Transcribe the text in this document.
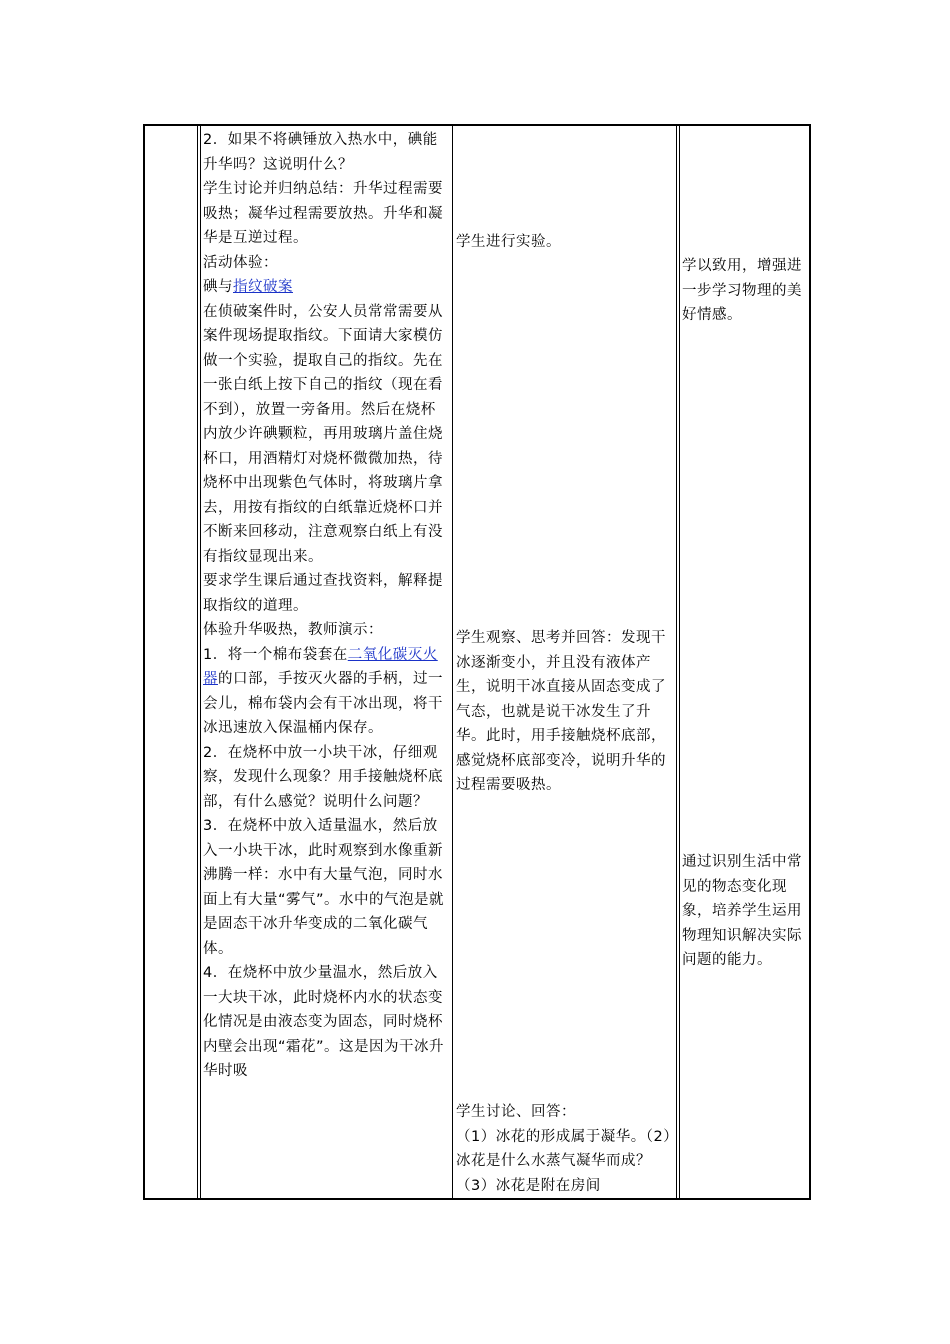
2．如果不将碘锤放入热水中，碘能升华吗？这说明什么？

学生讨论并归纳总结：升华过程需要吸热；凝华过程需要放热。升华和凝华是互逆过程。

活动体验：

碘与指纹破案

在侦破案件时，公安人员常常需要从案件现场提取指纹。下面请大家模仿做一个实验，提取自己的指纹。先在一张白纸上按下自己的指纹（现在看不到），放置一旁备用。然后在烧杯内放少许碘颗粒，再用玻璃片盖住烧杯口，用酒精灯对烧杯微微加热，待烧杯中出现紫色气体时，将玻璃片拿去，用按有指纹的白纸靠近烧杯口并不断来回移动，注意观察白纸上有没有指纹显现出来。

要求学生课后通过查找资料，解释提取指纹的道理。

体验升华吸热，教师演示：

1．将一个棉布袋套在二氧化碳灭火器的口部，手按灭火器的手柄，过一会儿，棉布袋内会有干冰出现，将干冰迅速放入保温桶内保存。

2．在烧杯中放一小块干冰，仔细观察，发现什么现象？用手接触烧杯底部，有什么感觉？说明什么问题？

3．在烧杯中放入适量温水，然后放入一小块干冰，此时观察到水像重新沸腾一样：水中有大量气泡，同时水面上有大量“雾气”。水中的气泡是就是固态干冰升华变成的二氧化碳气体。

4．在烧杯中放少量温水，然后放入一大块干冰，此时烧杯内水的状态变化情况是由液态变为固态，同时烧杯内壁会出现“霜花”。这是因为干冰升华时吸

学生进行实验。

学生观察、思考并回答：发现干冰逐渐变小，并且没有液体产生，说明干冰直接从固态变成了气态，也就是说干冰发生了升华。此时，用手接触烧杯底部，感觉烧杯底部变冷，说明升华的过程需要吸热。

学生讨论、回答：

（1）冰花的形成属于凝华。（2）冰花是什么水蒸气凝华而成？（3）冰花是附在房间

学以致用，增强进一步学习物理的美好情感。

通过识别生活中常见的物态变化现象，培养学生运用物理知识解决实际问题的能力。
